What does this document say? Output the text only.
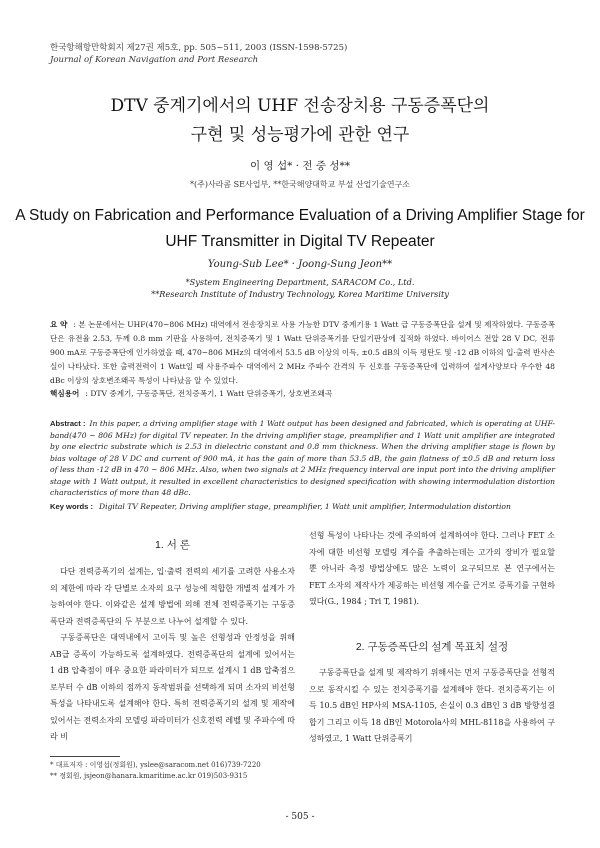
한국항해항만학회지 제27권 제5호, pp. 505~511, 2003 (ISSN-1598-5725)
Journal of Korean Navigation and Port Research
DTV 중계기에서의 UHF 전송장치용 구동증폭단의
구현 및 성능평가에 관한 연구
이 영 섭* · 전 중 성**
*(주)사라콤 SE사업부, **한국해양대학교 부설 산업기술연구소
A Study on Fabrication and Performance Evaluation of a Driving Amplifier Stage for
UHF Transmitter in Digital TV Repeater
Young-Sub Lee* · Joong-Sung Jeon**
*System Engineering Department, SARACOM Co., Ltd.
**Research Institute of Industry Technology, Korea Maritime University
요 약 : 본 논문에서는 UHF(470~806 MHz) 대역에서 전송장치로 사용 가능한 DTV 중계기용 1 Watt 급 구동증폭단을 설계 및 제작하였다. 구동증폭단은 유전율 2.53, 두께 0.8 mm 기판을 사용하여, 전치증폭기 및 1 Watt 단위증폭기를 단일기판상에 집적화 하였다. 바이어스 전압 28 V DC, 전류 900 mA로 구동증폭단에 인가하였을 때, 470~806 MHz의 대역에서 53.5 dB 이상의 이득, ±0.5 dB의 이득 평탄도 및 -12 dB 이하의 입·출력 반사손실이 나타났다. 또한 출력전력이 1 Watt일 때 사용주파수 대역에서 2 MHz 주파수 간격의 두 신호를 구동증폭단에 입력하여 설계사양보다 우수한 48 dBc 이상의 상호변조왜곡 특성이 나타났음 알 수 있었다.
핵심용어 : DTV 중계기, 구동증폭단, 전치증폭기, 1 Watt 단위증폭기, 상호변조왜곡
Abstract : In this paper, a driving amplifier stage with 1 Watt output has been designed and fabricated, which is operating at UHF-band(470 ~ 806 MHz) for digital TV repeater. In the driving amplifier stage, preamplifier and 1 Watt unit amplifier are integrated by one electric substrate which is 2.53 in dielectric constant and 0.8 mm thickness. When the driving amplifier stage is flown by bias voltage of 28 V DC and current of 900 mA, it has the gain of more than 53.5 dB, the gain flatness of ±0.5 dB and return loss of less than -12 dB in 470 ~ 806 MHz. Also, when two signals at 2 MHz frequency interval are input port into the driving amplifier stage with 1 Watt output, it resulted in excellent characteristics to designed specification with showing intermodulation distortion characteristics of more than 48 dBc.
Key words : Digital TV Repeater, Driving amplifier stage, preamplifier, 1 Watt unit amplifier, Intermodulation distortion
1. 서 론

다단 전력증폭기의 설계는, 입·출력 전력의 세기를 고려한 사용소자의 제한에 따라 각 단별로 소자의 요구 성능에 적합한 개별적 설계가 가능하여야 한다. 이와같은 설계 방법에 의해 전체 전력증폭기는 구동증폭단과 전력증폭단의 두 부분으로 나누어 설계할 수 있다.

구동증폭단은 대역내에서 고이득 및 높은 선형성과 안정성을 위해 AB급 증폭이 가능하도록 설계하였다. 전력증폭단의 설계에 있어서는 1 dB 압축점이 매우 중요한 파라미터가 되므로 설계시 1 dB 압축점으로부터 수 dB 이하의 점까지 동작범위를 선택하게 되며 소자의 비선형 특성을 나타내도록 설계해야 한다. 특히 전력증폭기의 설계 및 제작에 있어서는 전력소자의 모델링 파라미터가 신호전력 레벨 및 주파수에 따라 비

선형 특성이 나타나는 것에 주의하여 설계하여야 한다. 그러나 FET 소자에 대한 비선형 모델링 계수를 추출하는데는 고가의 장비가 필요할 뿐 아니라 측정 방법상에도 많은 노력이 요구되므로 본 연구에서는 FET 소자의 제작사가 제공하는 비선형 계수를 근거로 증폭기를 구현하였다(G., 1984 ; Tri T, 1981).

2. 구동증폭단의 설계 목표치 설정

구동증폭단을 설계 및 제작하기 위해서는 먼저 구동증폭단을 선형적으로 동작시킬 수 있는 전치증폭기를 설계해야 한다. 전치증폭기는 이득 10.5 dB인 HP사의 MSA-1105, 손실이 0.3 dB인 3 dB 방향성결합기 그리고 이득 18 dB인 Motorola사의 MHL-8118을 사용하여 구성하였고, 1 Watt 단위증폭기

* 대표저자 : 이영섭(정회원), yslee@saracom.net 016)739-7220
** 정회원, jsjeon@hanara.kmaritime.ac.kr 019)503-9315
- 505 -
